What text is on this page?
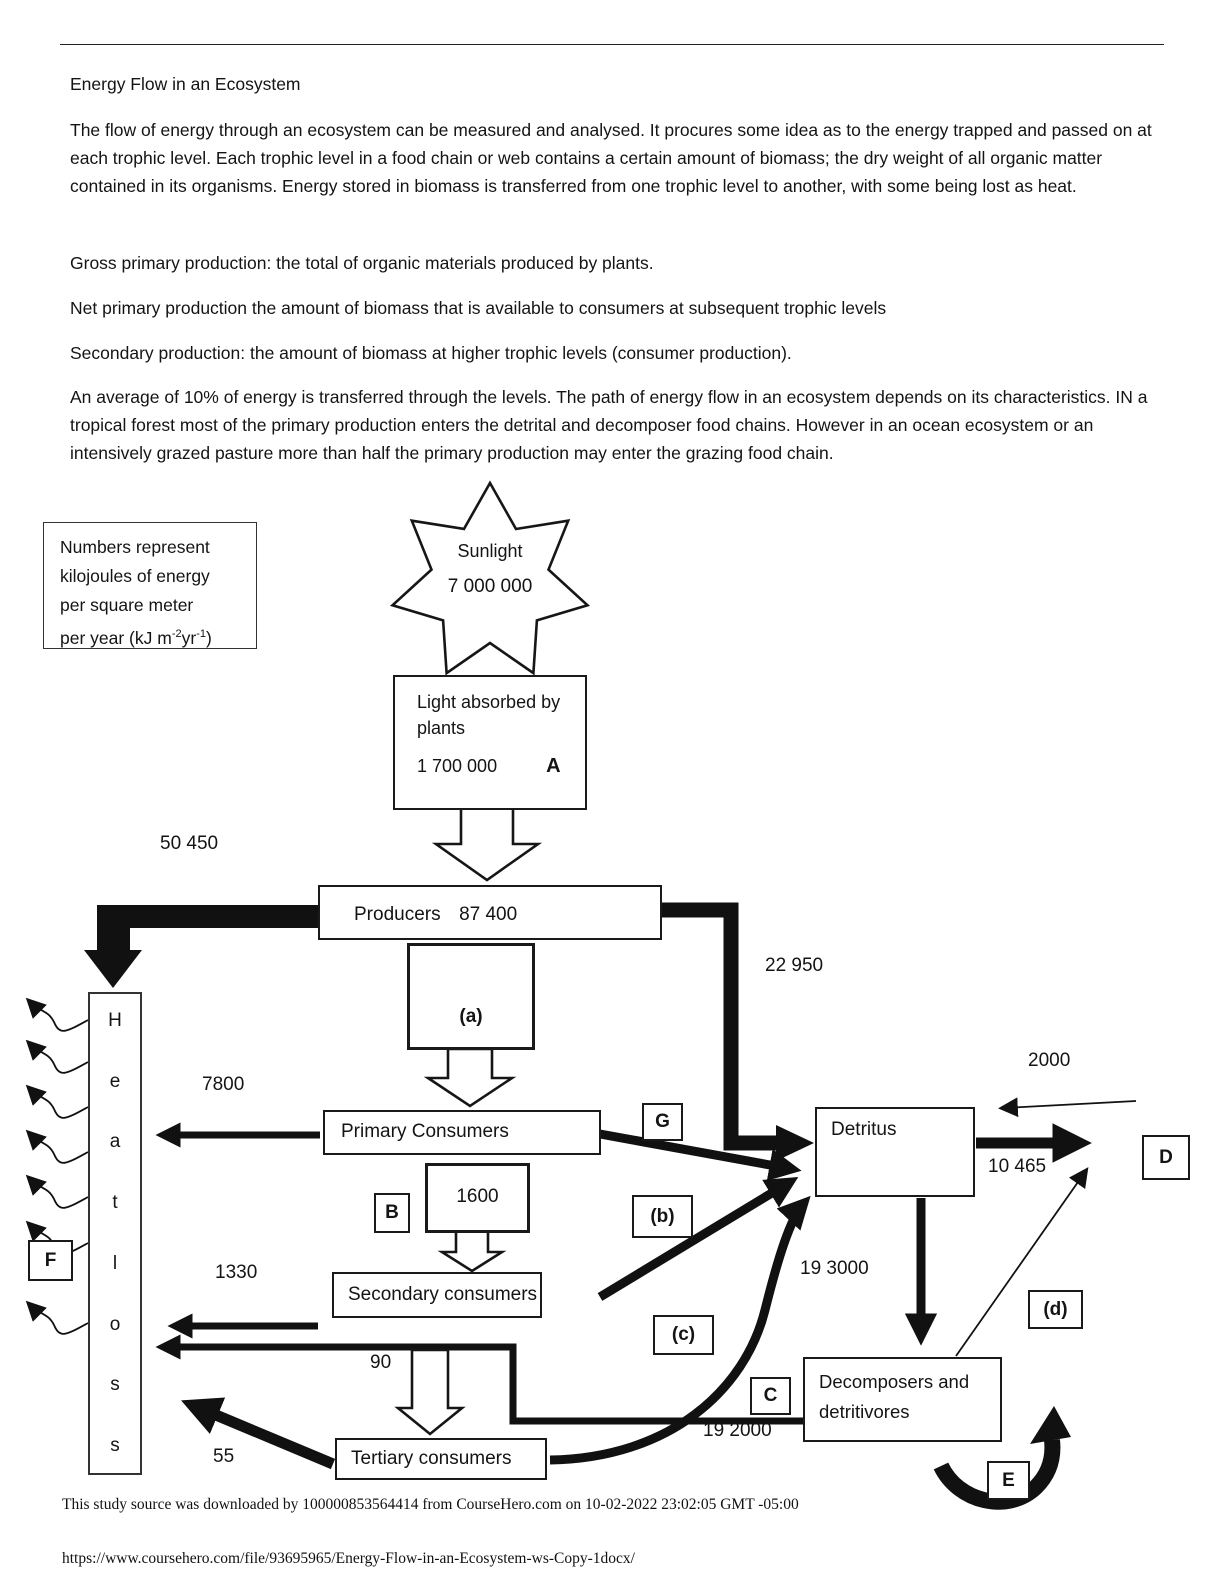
Energy Flow in an Ecosystem

The flow of energy through an ecosystem can be measured and analysed. It procures some idea as to the energy trapped and passed on at each trophic level. Each trophic level in a food chain or web contains a certain amount of biomass; the dry weight of all organic matter contained in its organisms. Energy stored in biomass is transferred from one trophic level to another, with some being lost as heat.

Gross primary production: the total of organic materials produced by plants.

Net primary production the amount of biomass that is available to consumers at subsequent trophic levels

Secondary production: the amount of biomass at higher trophic levels (consumer production).

An average of 10% of energy is transferred through the levels. The path of energy flow in an ecosystem depends on its characteristics. IN a tropical forest most of the primary production enters the detrital and decomposer food chains. However in an ocean ecosystem or an intensively grazed pasture more than half the primary production may enter the grazing food chain.

Numbers represent
kilojoules of energy
per square meter
per year (kJ $m^{-2}yr^{-1}$)
Sunlight
7 000 000
Light absorbed by plants
1 700 000 A
Producers 87 400
(a)
Primary Consumers	G
B
1600
(b)
Secondary consumers
(c)
Tertiary consumers
Detritus
D
(d)
Decomposers and detritivores
C
E
F
H
e
a
t
l
o
s
s
50 450
22 950
7800
2000
10 465
1330	19 3000
90
19 2000
55
This study source was downloaded by 100000853564414 from CourseHero.com on 10-02-2022 23:02:05 GMT -05:00
https://www.coursehero.com/file/93695965/Energy-Flow-in-an-Ecosystem-ws-Copy-1docx/
